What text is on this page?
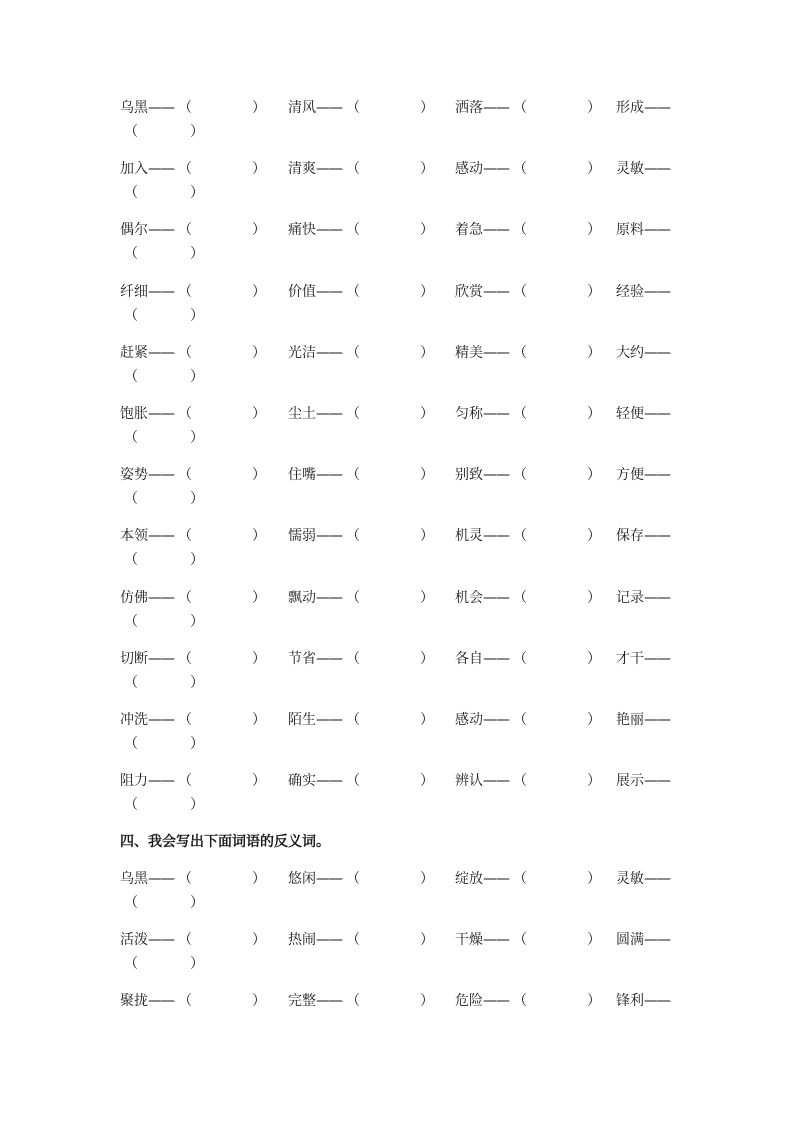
乌黑—— （	） 清风—— （	） 洒落—— （	） 形成——
（	）
加入—— （	） 清爽—— （	） 感动—— （	） 灵敏——
（	）
偶尔—— （	） 痛快—— （	） 着急—— （	） 原料——
（	）
纤细—— （	） 价值—— （	） 欣赏—— （	） 经验——
（	）
赶紧—— （	） 光洁—— （	） 精美—— （	） 大约——
（	）
饱胀—— （	） 尘土—— （	） 匀称—— （	） 轻便——
（	）
姿势—— （	） 住嘴—— （	） 别致—— （	） 方便——
（	）
本领—— （	） 懦弱—— （	） 机灵—— （	） 保存——
（	）
仿佛—— （	） 飘动—— （	） 机会—— （	） 记录——
（	）
切断—— （	） 节省—— （	） 各自—— （	） 才干——
（	）
冲洗—— （	） 陌生—— （	） 感动—— （	） 艳丽——
（	）
阻力—— （	） 确实—— （	） 辨认—— （	） 展示——
（	）
四、我会写出下面词语的反义词。
乌黑—— （	） 悠闲—— （	） 绽放—— （	） 灵敏——
（	）
活泼—— （	） 热闹—— （	） 干燥—— （	） 圆满——
（	）
聚拢—— （	） 完整—— （	） 危险—— （	） 锋利——
